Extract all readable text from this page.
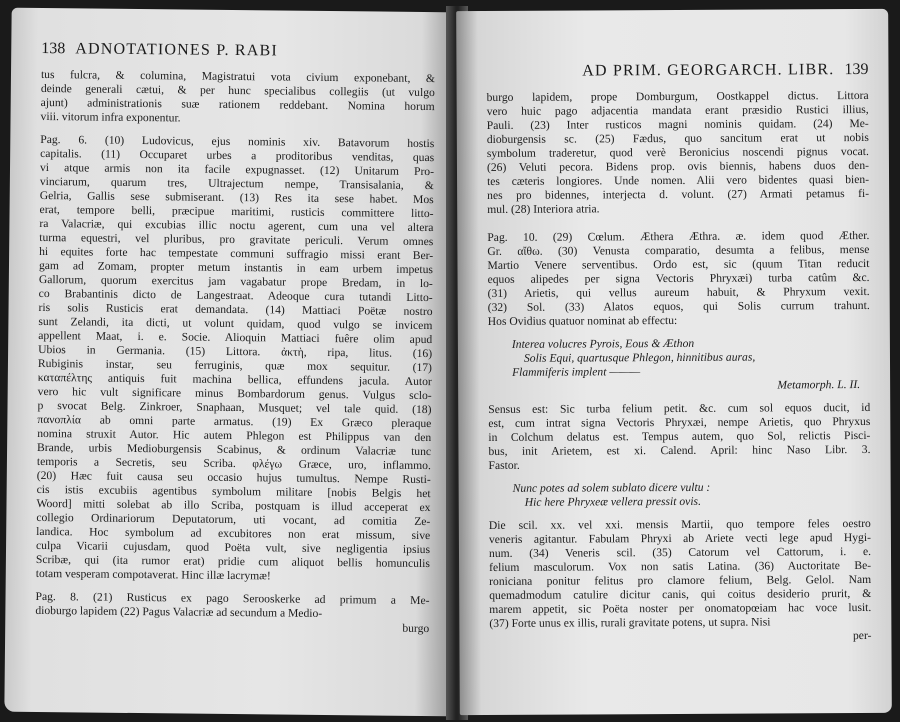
138 ADNOTATIONES P. RABI
tus fulcra, & columina, Magistratui vota civium exponebant, &
deinde generali cætui, & per hunc specialibus collegiis (ut vulgo
ajunt) administrationis suæ rationem reddebant. Nomina horum
viii. vitorum infra exponentur.
Pag. 6. (10) Ludovicus, ejus nominis xiv. Batavorum hostis
capitalis. (11) Occuparet urbes a proditoribus venditas, quas
vi atque armis non ita facile expugnasset. (12) Unitarum Pro-
vinciarum, quarum tres, Ultrajectum nempe, Transisalania, &
Gelria, Gallis sese submiserant. (13) Res ita sese habet. Mos
erat, tempore belli, præcipue maritimi, rusticis committere litto-
ra Valacriæ, qui excubias illic noctu agerent, cum una vel altera
turma equestri, vel pluribus, pro gravitate periculi. Verum omnes
hi equites forte hac tempestate communi suffragio missi erant Ber-
gam ad Zomam, propter metum instantis in eam urbem impetus
Gallorum, quorum exercitus jam vagabatur prope Bredam, in lo-
co Brabantinis dicto de Langestraat. Adeoque cura tutandi Litto-
ris solis Rusticis erat demandata. (14) Mattiaci Poëtæ nostro
sunt Zelandi, ita dicti, ut volunt quidam, quod vulgo se invicem
appellent Maat, i. e. Socie. Alioquin Mattiaci fuêre olim apud
Ubios in Germania. (15) Littora. ἀκτὴ, ripa, litus. (16)
Rubiginis instar, seu ferruginis, quæ mox sequitur. (17)
καταπέλτης antiquis fuit machina bellica, effundens jacula. Autor
vero hic vult significare minus Bombardorum genus. Vulgus sclo-
p svocat Belg. Zinkroer, Snaphaan, Musquet; vel tale quid. (18)
πανοπλία ab omni parte armatus. (19) Ex Græco pleraque
nomina struxit Autor. Hic autem Phlegon est Philippus van den
Brande, urbis Medioburgensis Scabinus, & ordinum Valacriæ tunc
temporis a Secretis, seu Scriba. φλέγω Græce, uro, inflammo.
(20) Hæc fuit causa seu occasio hujus tumultus. Nempe Rusti-
cis istis excubiis agentibus symbolum militare [nobis Belgis het
Woord] mitti solebat ab illo Scriba, postquam is illud acceperat ex
collegio Ordinariorum Deputatorum, uti vocant, ad comitia Ze-
landica. Hoc symbolum ad excubitores non erat missum, sive
culpa Vicarii cujusdam, quod Poëta vult, sive negligentia ipsius
Scribæ, qui (ita rumor erat) pridie cum aliquot bellis homunculis
totam vesperam compotaverat. Hinc illæ lacrymæ!
Pag. 8. (21) Rusticus ex pago Serooskerke ad primum a Me-
dioburgo lapidem (22) Pagus Valacriæ ad secundum a Medio-
burgo
AD PRIM. GEORGARCH. LIBR. 139
burgo lapidem, prope Domburgum, Oostkappel dictus. Littora
vero huic pago adjacentia mandata erant præsidio Rustici illius,
Pauli. (23) Inter rusticos magni nominis quidam. (24) Me-
dioburgensis sc. (25) Fædus, quo sancitum erat ut nobis
symbolum traderetur, quod verè Beronicius noscendi pignus vocat.
(26) Veluti pecora. Bidens prop. ovis biennis, habens duos den-
tes cæteris longiores. Unde nomen. Alii vero bidentes quasi bien-
nes pro bidennes, interjecta d. volunt. (27) Armati petamus fi-
mul. (28) Interiora atria.
Pag. 10. (29) Cœlum. Æthera Æthra. æ. idem quod Æther.
Gr. αἴθω. (30) Venusta comparatio, desumta a felibus, mense
Martio Venere serventibus. Ordo est, sic (quum Titan reducit
equos alipedes per signa Vectoris Phryxæi) turba catûm &c.
(31) Arietis, qui vellus aureum habuit, & Phryxum vexit.
(32) Sol. (33) Alatos equos, qui Solis currum trahunt.
Hos Ovidius quatuor nominat ab effectu:
Interea volucres Pyrois, Eous & Æthon
Solis Equi, quartusque Phlegon, hinnitibus auras,
Flammiferis implent ———
Metamorph. L. II.
Sensus est: Sic turba felium petit. &c. cum sol equos ducit, id
est, cum intrat signa Vectoris Phryxæi, nempe Arietis, quo Phryxus
in Colchum delatus est. Tempus autem, quo Sol, relictis Pisci-
bus, init Arietem, est xi. Calend. April: hinc Naso Libr. 3.
Fastor.
Nunc potes ad solem sublato dicere vultu :
Hic here Phryxeæ vellera pressit ovis.
Die scil. xx. vel xxi. mensis Martii, quo tempore feles oestro
veneris agitantur. Fabulam Phryxi ab Ariete vecti lege apud Hygi-
num. (34) Veneris scil. (35) Catorum vel Cattorum, i. e.
felium masculorum. Vox non satis Latina. (36) Auctoritate Be-
roniciana ponitur felitus pro clamore felium, Belg. Gelol. Nam
quemadmodum catulire dicitur canis, qui coitus desiderio prurit, &
marem appetit, sic Poëta noster per onomatopœiam hac voce lusit.
(37) Forte unus ex illis, rurali gravitate potens, ut supra. Nisi
per-
